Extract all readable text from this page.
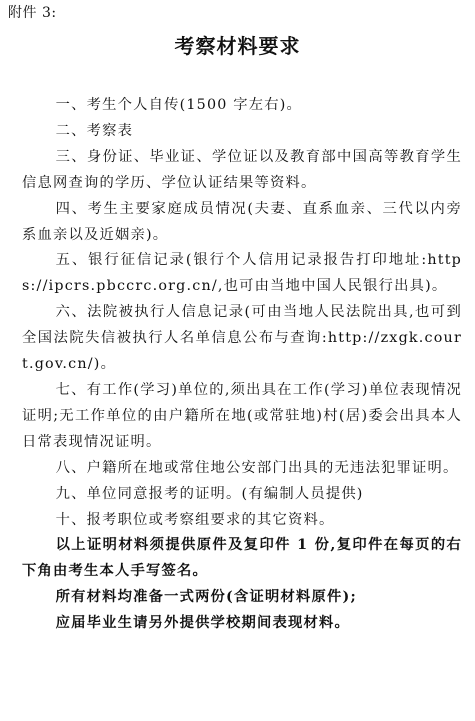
附件 3:
考察材料要求

一、考生个人自传(1500 字左右)。

二、考察表

三、身份证、毕业证、学位证以及教育部中国高等教育学生信息网查询的学历、学位认证结果等资料。

四、考生主要家庭成员情况(夫妻、直系血亲、三代以内旁系血亲以及近姻亲)。

五、银行征信记录(银行个人信用记录报告打印地址:https://ipcrs.pbccrc.org.cn/,也可由当地中国人民银行出具)。

六、法院被执行人信息记录(可由当地人民法院出具,也可到全国法院失信被执行人名单信息公布与查询:http://zxgk.court.gov.cn/)。

七、有工作(学习)单位的,须出具在工作(学习)单位表现情况证明;无工作单位的由户籍所在地(或常驻地)村(居)委会出具本人日常表现情况证明。

八、户籍所在地或常住地公安部门出具的无违法犯罪证明。

九、单位同意报考的证明。(有编制人员提供)

十、报考职位或考察组要求的其它资料。

以上证明材料须提供原件及复印件 1 份,复印件在每页的右下角由考生本人手写签名。

所有材料均准备一式两份(含证明材料原件);

应届毕业生请另外提供学校期间表现材料。
